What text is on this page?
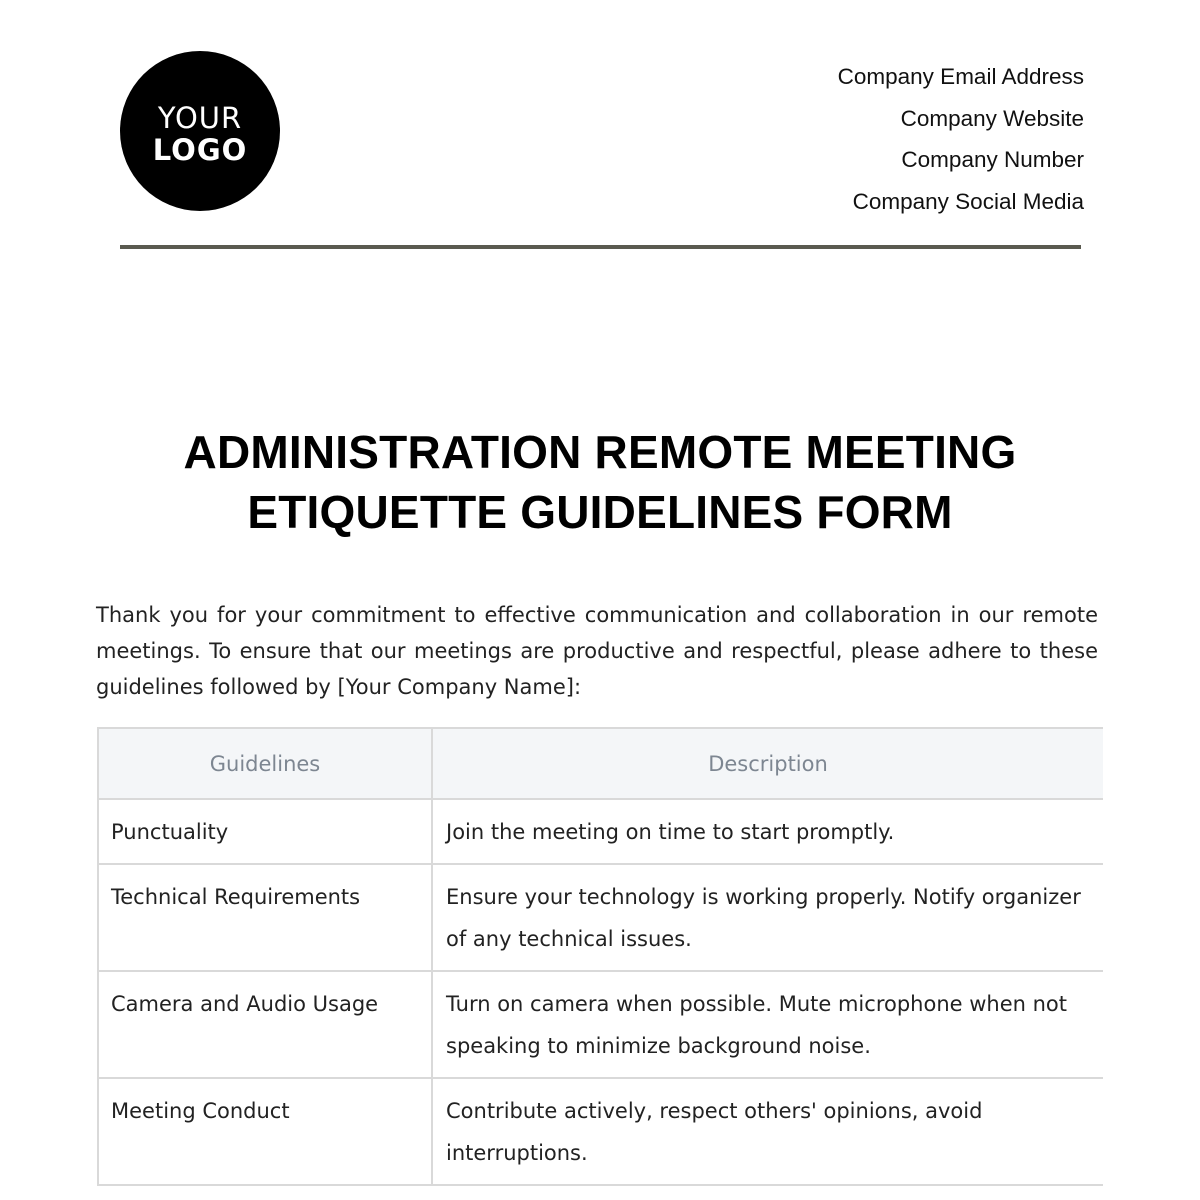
YOUR
LOGO
Company Email Address
Company Website
Company Number
Company Social Media
ADMINISTRATION REMOTE MEETING
ETIQUETTE GUIDELINES FORM

Thank you for your commitment to effective communication and collaboration in our remote meetings. To ensure that our meetings are productive and respectful, please adhere to these guidelines followed by [Your Company Name]:

Guidelines	Description
Punctuality	Join the meeting on time to start promptly.
Technical Requirements	Ensure your technology is working properly. Notify organizer of any technical issues.
Camera and Audio Usage	Turn on camera when possible. Mute microphone when not speaking to minimize background noise.
Meeting Conduct	Contribute actively, respect others' opinions, avoid interruptions.
